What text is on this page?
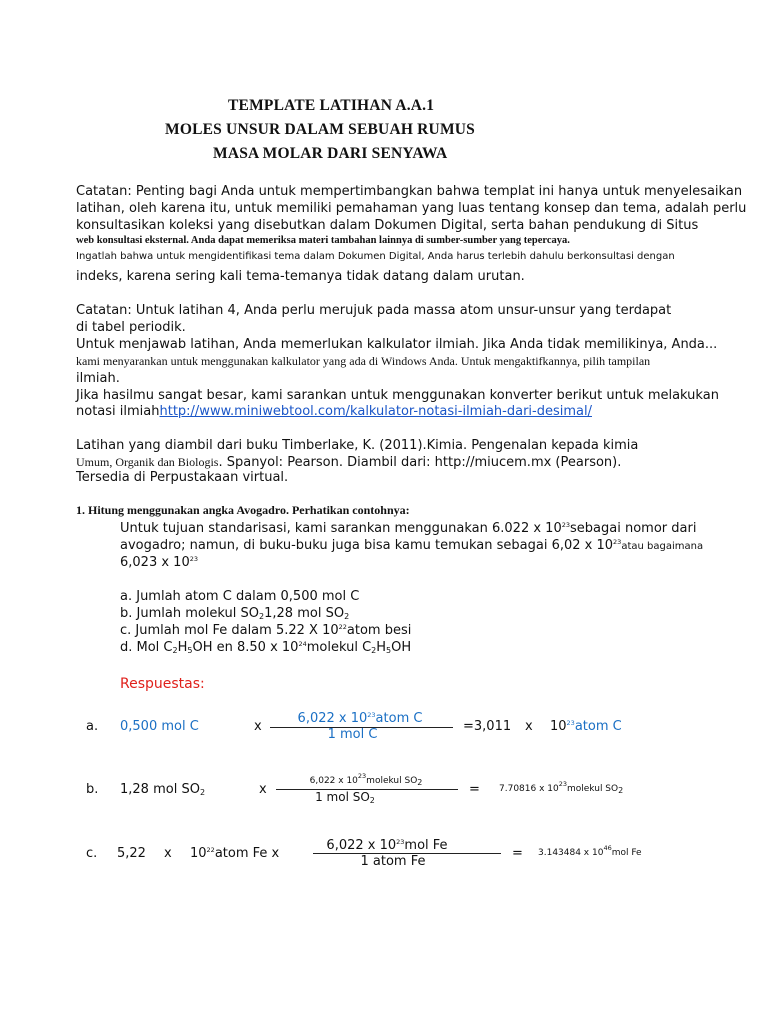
TEMPLATE LATIHAN A.A.1
MOLES UNSUR DALAM SEBUAH RUMUS
MASA MOLAR DARI SENYAWA
Catatan: Penting bagi Anda untuk mempertimbangkan bahwa templat ini hanya untuk menyelesaikan
latihan, oleh karena itu, untuk memiliki pemahaman yang luas tentang konsep dan tema, adalah perlu
konsultasikan koleksi yang disebutkan dalam Dokumen Digital, serta bahan pendukung di Situs
web konsultasi eksternal. Anda dapat memeriksa materi tambahan lainnya di sumber-sumber yang tepercaya.
Ingatlah bahwa untuk mengidentifikasi tema dalam Dokumen Digital, Anda harus terlebih dahulu berkonsultasi dengan
indeks, karena sering kali tema-temanya tidak datang dalam urutan.
Catatan: Untuk latihan 4, Anda perlu merujuk pada massa atom unsur-unsur yang terdapat
di tabel periodik.
Untuk menjawab latihan, Anda memerlukan kalkulator ilmiah. Jika Anda tidak memilikinya, Anda...
kami menyarankan untuk menggunakan kalkulator yang ada di Windows Anda. Untuk mengaktifkannya, pilih tampilan
ilmiah.
Jika hasilmu sangat besar, kami sarankan untuk menggunakan konverter berikut untuk melakukan
notasi ilmiahhttp://www.miniwebtool.com/kalkulator-notasi-ilmiah-dari-desimal/
Latihan yang diambil dari buku Timberlake, K. (2011).Kimia. Pengenalan kepada kimia
Umum, Organik dan Biologis. Spanyol: Pearson. Diambil dari: http://miucem.mx (Pearson).
Tersedia di Perpustakaan virtual.
1. Hitung menggunakan angka Avogadro. Perhatikan contohnya:
Untuk tujuan standarisasi, kami sarankan menggunakan 6.022 x $10^{23}sebagai$ nomor dari
avogadro; namun, di buku-buku juga bisa kamu temukan sebagai 6,02 x $10^{23}atau$ bagaimana
6,023 x $10^{23}$
a. Jumlah atom C dalam 0,500 mol C
b. Jumlah molekul $SO_21,28$ mol $SO_2$
c. Jumlah mol Fe dalam 5.22 X $10^{22}atom$ besi
d. Mol $C_2H_5OH$ en 8.50 x $10^{24}molekul$ $C_2H_5OH$
Respuestas:
a. 0,500 mol C	x
6,022 x $10^{23}atom$ C
1 mol C
=3,011 x $10^{23}atom$ C
b. 1,28 mol $SO_2$	x
6,022 x $10^{23}molekul$ $SO_2$
1 mol $SO_2$
= 7.70816 x $10^{23}molekul$ $SO_2$
c. 5,22 x $10^{22}atom$ Fe x
6,022 x $10^{23}mol$ Fe
1 atom Fe
= 3.143484 x $10^{46}mol$ Fe
